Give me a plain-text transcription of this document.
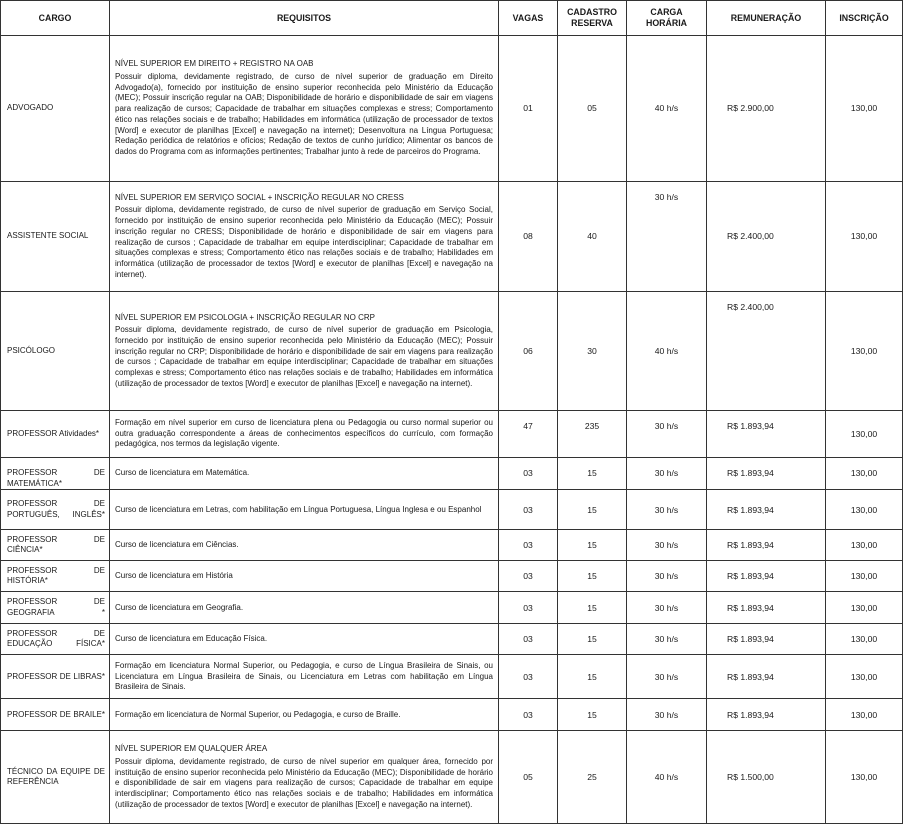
CARGO	REQUISITOS	VAGAS	CADASTRO RESERVA	CARGA HORÁRIA	REMUNERAÇÃO	INSCRIÇÃO
ADVOGADO	NÍVEL SUPERIOR EM DIREITO + REGISTRO NA OAB
Possuir diploma, devidamente registrado, de curso de nível superior de graduação em Direito Advogado(a), fornecido por instituição de ensino superior reconhecida pelo Ministério da Educação (MEC); Possuir inscrição regular na OAB; Disponibilidade de horário e disponibilidade de sair em viagens para realização de cursos; Capacidade de trabalhar em situações complexas e stress; Comportamento ético nas relações sociais e de trabalho; Habilidades em informática (utilização de processador de textos [Word] e executor de planilhas [Excel] e navegação na internet); Desenvoltura na Língua Portuguesa; Redação periódica de relatórios e ofícios; Redação de textos de cunho jurídico; Alimentar os bancos de dados do Programa com as informações pertinentes; Trabalhar junto à rede de parceiros do Programa.	01	05	40 h/s	R$ 2.900,00	130,00
ASSISTENTE SOCIAL	NÍVEL SUPERIOR EM SERVIÇO SOCIAL + INSCRIÇÃO REGULAR NO CRESS
Possuir diploma, devidamente registrado, de curso de nível superior de graduação em Serviço Social, fornecido por instituição de ensino superior reconhecida pelo Ministério da Educação (MEC); Possuir inscrição regular no CRESS; Disponibilidade de horário e disponibilidade de sair em viagens para realização de cursos ; Capacidade de trabalhar em equipe interdisciplinar; Capacidade de trabalhar em situações complexas e stress; Comportamento ético nas relações sociais e de trabalho; Habilidades em informática (utilização de processador de textos [Word] e executor de planilhas [Excel] e navegação na internet).	08	40	30 h/s	R$ 2.400,00	130,00
PSICÓLOGO	NÍVEL SUPERIOR EM PSICOLOGIA + INSCRIÇÃO REGULAR NO CRP
Possuir diploma, devidamente registrado, de curso de nível superior de graduação em Psicologia, fornecido por instituição de ensino superior reconhecida pelo Ministério da Educação (MEC); Possuir inscrição regular no CRP; Disponibilidade de horário e disponibilidade de sair em viagens para realização de cursos ; Capacidade de trabalhar em equipe interdisciplinar; Capacidade de trabalhar em situações complexas e stress; Comportamento ético nas relações sociais e de trabalho; Habilidades em informática (utilização de processador de textos [Word] e executor de planilhas [Excel] e navegação na internet).	06	30	40 h/s	R$ 2.400,00	130,00
PROFESSOR Atividades*	Formação em nível superior em curso de licenciatura plena ou Pedagogia ou curso normal superior ou outra graduação correspondente a áreas de conhecimentos específicos do currículo, com formação pedagógica, nos termos da legislação vigente.	47	235	30 h/s	R$ 1.893,94	130,00

PROFESSOR DE MATEMÁTICA*	Curso de licenciatura em Matemática.	03	15	30 h/s	R$ 1.893,94	130,00

PROFESSOR DE PORTUGUÊS, INGLÊS*	Curso de licenciatura em Letras, com habilitação em Língua Portuguesa, Língua Inglesa e ou Espanhol	03	15	30 h/s	R$ 1.893,94	130,00

PROFESSOR DE CIÊNCIA*	Curso de licenciatura em Ciências.	03	15	30 h/s	R$ 1.893,94	130,00

PROFESSOR DE HISTÓRIA*	Curso de licenciatura em História	03	15	30 h/s	R$ 1.893,94	130,00

PROFESSOR DE GEOGRAFIA *	Curso de licenciatura em Geografia.	03	15	30 h/s	R$ 1.893,94	130,00

PROFESSOR DE EDUCAÇÃO FÍSICA*	Curso de licenciatura em Educação Física.	03	15	30 h/s	R$ 1.893,94	130,00

PROFESSOR DE LIBRAS*	Formação em licenciatura Normal Superior, ou Pedagogia, e curso de Língua Brasileira de Sinais, ou Licenciatura em Língua Brasileira de Sinais, ou Licenciatura em Letras com habilitação em Língua Brasileira de Sinais.	03	15	30 h/s	R$ 1.893,94	130,00

PROFESSOR DE BRAILE*	Formação em licenciatura de Normal Superior, ou Pedagogia, e curso de Braille.	03	15	30 h/s	R$ 1.893,94	130,00

TÉCNICO DA EQUIPE DE REFERÊNCIA	NÍVEL SUPERIOR EM QUALQUER ÁREA
Possuir diploma, devidamente registrado, de curso de nível superior em qualquer área, fornecido por instituição de ensino superior reconhecida pelo Ministério da Educação (MEC); Disponibilidade de horário e disponibilidade de sair em viagens para realização de cursos; Capacidade de trabalhar em equipe interdisciplinar; Comportamento ético nas relações sociais e de trabalho; Habilidades em informática (utilização de processador de textos [Word] e executor de planilhas [Excel] e navegação na internet).	05	25	40 h/s	R$ 1.500,00	130,00
